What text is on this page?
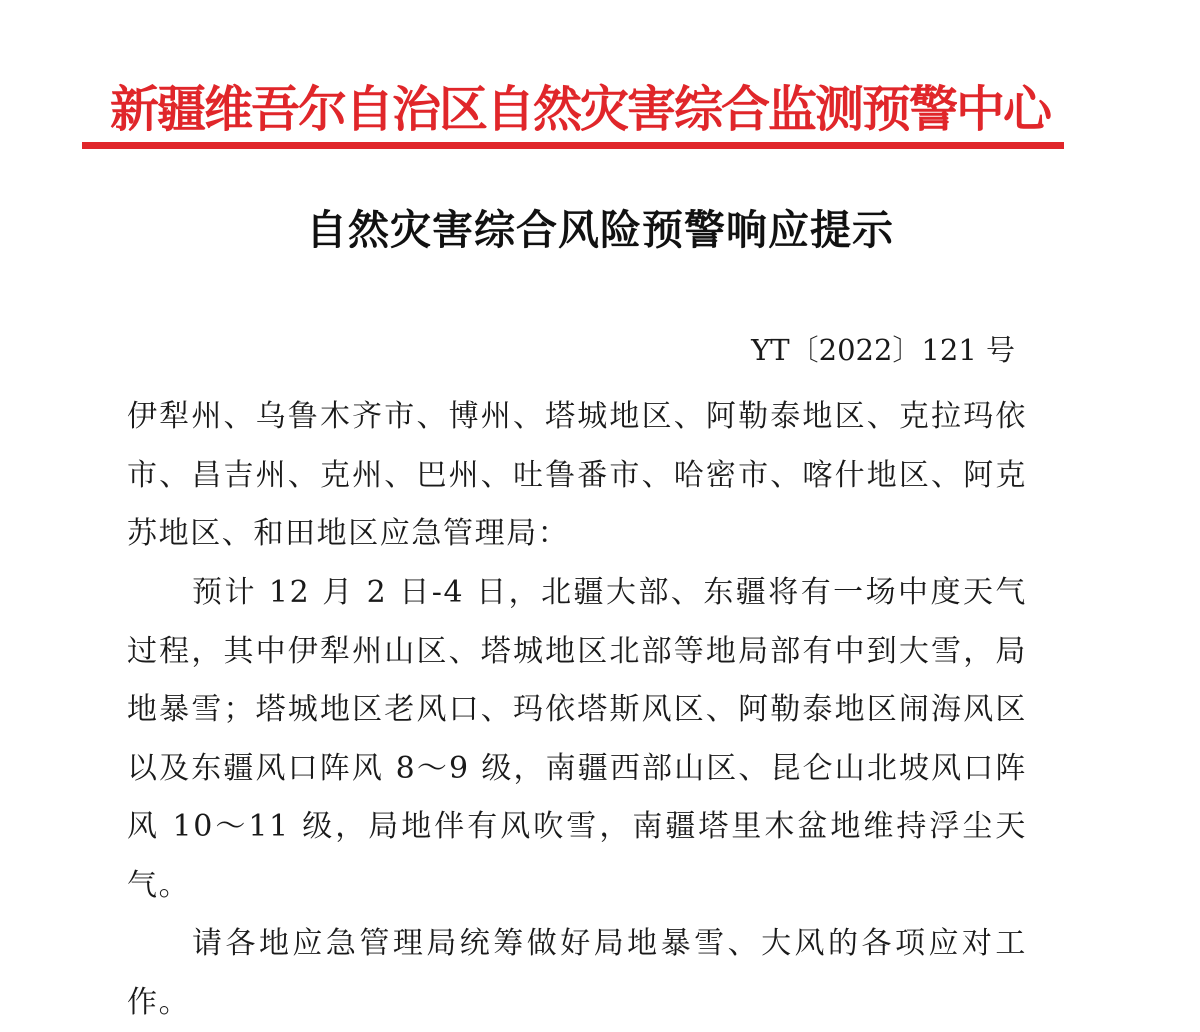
新疆维吾尔自治区自然灾害综合监测预警中心
自然灾害综合风险预警响应提示
YT〔2022〕121 号
伊犁州、乌鲁木齐市、博州、塔城地区、阿勒泰地区、克拉玛依市、昌吉州、克州、巴州、吐鲁番市、哈密市、喀什地区、阿克苏地区、和田地区应急管理局：
预计 12 月 2 日-4 日，北疆大部、东疆将有一场中度天气过程，其中伊犁州山区、塔城地区北部等地局部有中到大雪，局地暴雪；塔城地区老风口、玛依塔斯风区、阿勒泰地区闹海风区以及东疆风口阵风 8～9 级，南疆西部山区、昆仑山北坡风口阵风 10～11 级，局地伴有风吹雪，南疆塔里木盆地维持浮尘天气。
请各地应急管理局统筹做好局地暴雪、大风的各项应对工作。
